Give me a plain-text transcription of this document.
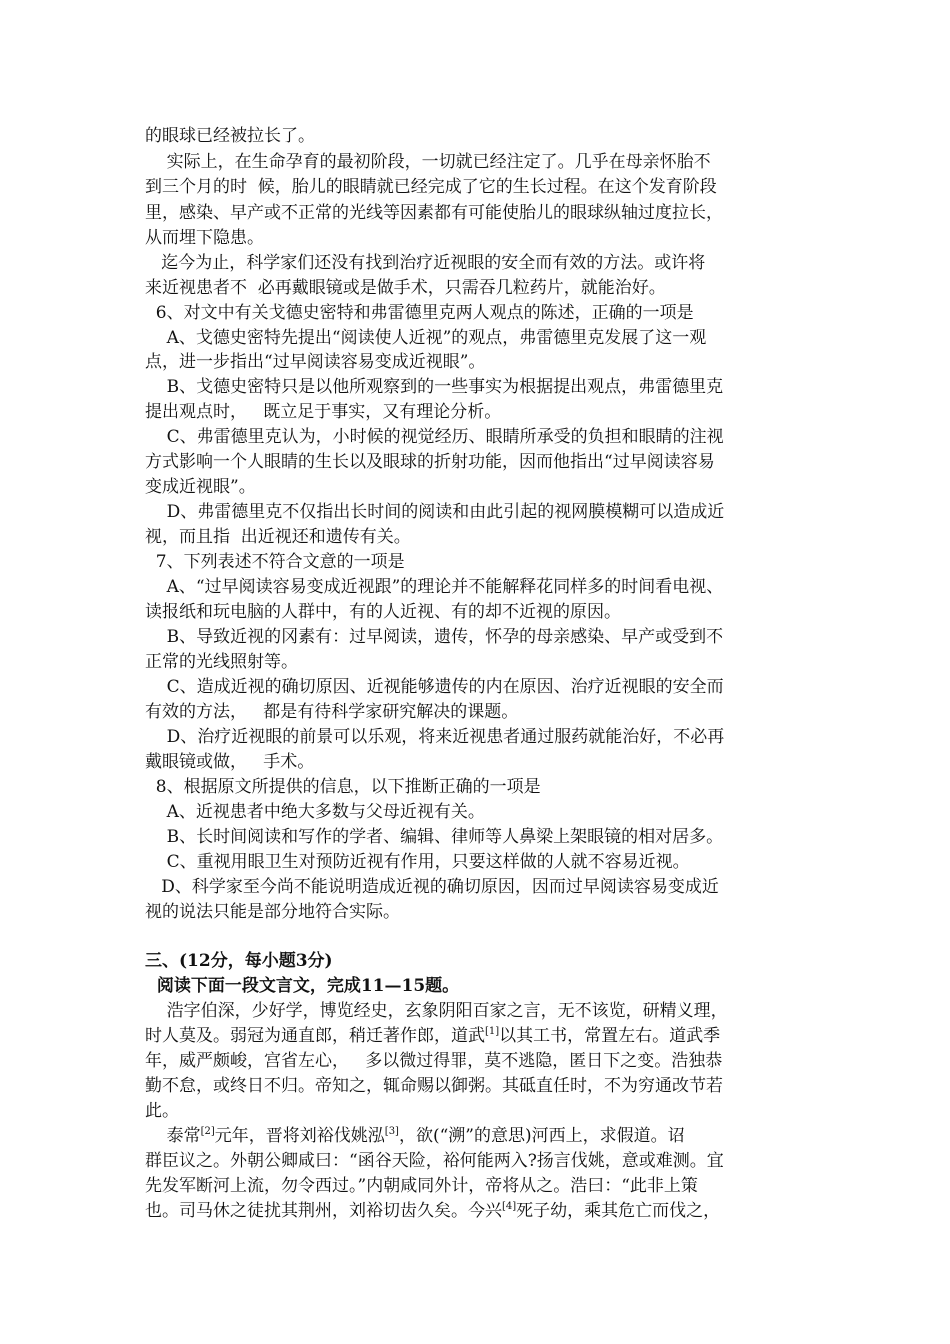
的眼球已经被拉长了。
实际上，在生命孕育的最初阶段，一切就已经注定了。几乎在母亲怀胎不
到三个月的时  候，胎儿的眼睛就已经完成了它的生长过程。在这个发育阶段
里，感染、早产或不正常的光线等因素都有可能使胎儿的眼球纵轴过度拉长，
从而埋下隐患。
迄今为止，科学家们还没有找到治疗近视眼的安全而有效的方法。或许将
来近视患者不  必再戴眼镜或是做手术，只需吞几粒药片，就能治好。
6、对文中有关戈德史密特和弗雷德里克两人观点的陈述，正确的一项是
A、戈德史密特先提出“阅读使人近视”的观点，弗雷德里克发展了这一观
点，进一步指出“过早阅读容易变成近视眼”。
B、戈德史密特只是以他所观察到的一些事实为根据提出观点，弗雷德里克
提出观点时，   既立足于事实，又有理论分析。
C、弗雷德里克认为，小时候的视觉经历、眼睛所承受的负担和眼睛的注视
方式影响一个人眼睛的生长以及眼球的折射功能，因而他指出“过早阅读容易
变成近视眼”。
D、弗雷德里克不仅指出长时间的阅读和由此引起的视网膜模糊可以造成近
视，而且指  出近视还和遗传有关。
7、下列表述不符合文意的一项是
A、“过早阅读容易变成近视跟”的理论并不能解释花同样多的时间看电视、
读报纸和玩电脑的人群中，有的人近视、有的却不近视的原因。
B、导致近视的冈素有：过早阅读，遗传，怀孕的母亲感染、早产或受到不
正常的光线照射等。
C、造成近视的确切原因、近视能够遗传的内在原因、治疗近视眼的安全而
有效的方法，   都是有待科学家研究解决的课题。
D、治疗近视眼的前景可以乐观，将来近视患者通过服药就能治好，不必再
戴眼镜或做，   手术。
8、根据原文所提供的信息，以下推断正确的一项是
A、近视患者中绝大多数与父母近视有关。
B、长时间阅读和写作的学者、编辑、律师等人鼻梁上架眼镜的相对居多。
C、重视用眼卫生对预防近视有作用，只要这样做的人就不容易近视。
D、科学家至今尚不能说明造成近视的确切原因，因而过早阅读容易变成近
视的说法只能是部分地符合实际。
三、(12分，每小题3分)
阅读下面一段文言文，完成11—15题。
浩字伯深，少好学，博览经史，玄象阴阳百家之言，无不该览，研精义理，
时人莫及。弱冠为通直郎，稍迁著作郎，道武[1]以其工书，常置左右。道武季
年，威严颇峻，宫省左心，   多以微过得罪，莫不逃隐，匿日下之变。浩独恭
勤不怠，或终日不归。帝知之，辄命赐以御粥。其砥直任时，不为穷通改节若
此。
泰常[2]元年，晋将刘裕伐姚泓[3]，欲(“溯”的意思)河西上，求假道。诏
群臣议之。外朝公卿咸曰：“函谷天险，裕何能两入?扬言伐姚，意或难测。宜
先发军断河上流，勿令西过。”内朝咸同外计，帝将从之。浩曰：“此非上策
也。司马休之徒扰其荆州，刘裕切齿久矣。今兴[4]死子幼，乘其危亡而伐之，
